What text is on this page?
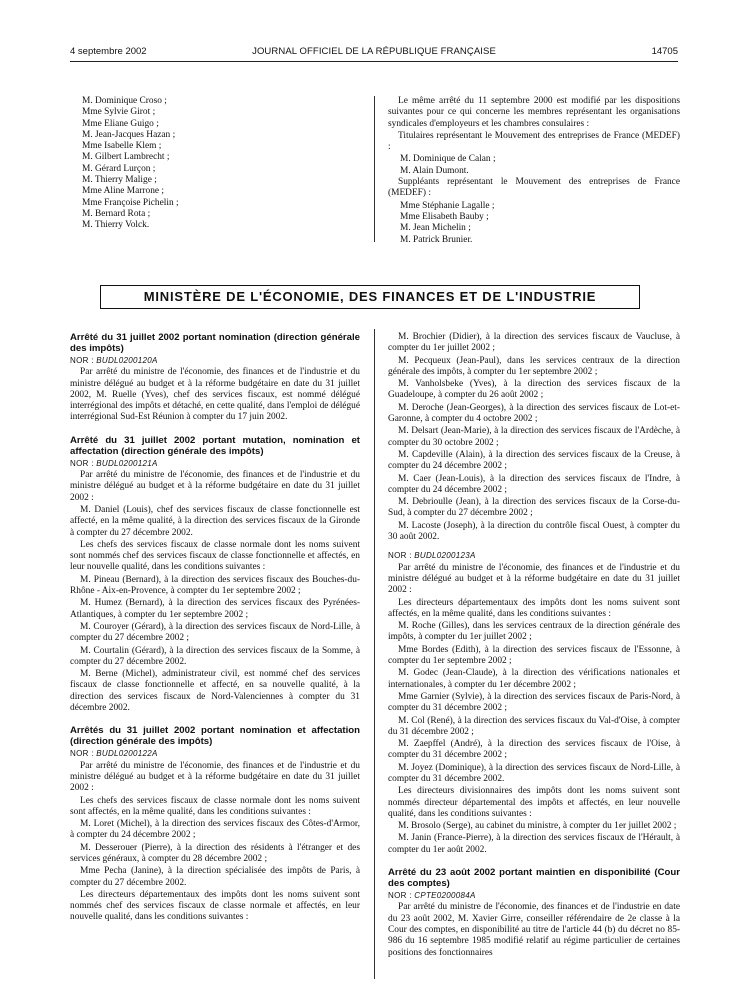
4 septembre 2002	JOURNAL OFFICIEL DE LA RÉPUBLIQUE FRANÇAISE	14705

M. Dominique Croso ;

Mme Sylvie Girot ;

Mme Eliane Guigo ;

M. Jean-Jacques Hazan ;

Mme Isabelle Klem ;

M. Gilbert Lambrecht ;

M. Gérard Lurçon ;

M. Thierry Malige ;

Mme Aline Marrone ;

Mme Françoise Pichelin ;

M. Bernard Rota ;

M. Thierry Volck.

Le même arrêté du 11 septembre 2000 est modifié par les dispositions suivantes pour ce qui concerne les membres représentant les organisations syndicales d'employeurs et les chambres consulaires :

Titulaires représentant le Mouvement des entreprises de France (MEDEF) :

M. Dominique de Calan ;

M. Alain Dumont.

Suppléants représentant le Mouvement des entreprises de France (MEDEF) :

Mme Stéphanie Lagalle ;

Mme Elisabeth Bauby ;

M. Jean Michelin ;

M. Patrick Brunier.

MINISTÈRE DE L'ÉCONOMIE, DES FINANCES ET DE L'INDUSTRIE

Arrêté du 31 juillet 2002 portant nomination (direction générale des impôts)

NOR : BUDL0200120A

Par arrêté du ministre de l'économie, des finances et de l'industrie et du ministre délégué au budget et à la réforme budgétaire en date du 31 juillet 2002, M. Ruelle (Yves), chef des services fiscaux, est nommé délégué interrégional des impôts et détaché, en cette qualité, dans l'emploi de délégué interrégional Sud-Est Réunion à compter du 17 juin 2002.

Arrêté du 31 juillet 2002 portant mutation, nomination et affectation (direction générale des impôts)

NOR : BUDL0200121A

Par arrêté du ministre de l'économie, des finances et de l'industrie et du ministre délégué au budget et à la réforme budgétaire en date du 31 juillet 2002 :

M. Daniel (Louis), chef des services fiscaux de classe fonctionnelle est affecté, en la même qualité, à la direction des services fiscaux de la Gironde à compter du 27 décembre 2002.

Les chefs des services fiscaux de classe normale dont les noms suivent sont nommés chef des services fiscaux de classe fonctionnelle et affectés, en leur nouvelle qualité, dans les conditions suivantes :

M. Pineau (Bernard), à la direction des services fiscaux des Bouches-du-Rhône - Aix-en-Provence, à compter du 1er septembre 2002 ;

M. Humez (Bernard), à la direction des services fiscaux des Pyrénées-Atlantiques, à compter du 1er septembre 2002 ;

M. Couroyer (Gérard), à la direction des services fiscaux de Nord-Lille, à compter du 27 décembre 2002 ;

M. Courtalin (Gérard), à la direction des services fiscaux de la Somme, à compter du 27 décembre 2002.

M. Berne (Michel), administrateur civil, est nommé chef des services fiscaux de classe fonctionnelle et affecté, en sa nouvelle qualité, à la direction des services fiscaux de Nord-Valenciennes à compter du 31 décembre 2002.

Arrêtés du 31 juillet 2002 portant nomination et affectation (direction générale des impôts)

NOR : BUDL0200122A

Par arrêté du ministre de l'économie, des finances et de l'industrie et du ministre délégué au budget et à la réforme budgétaire en date du 31 juillet 2002 :

Les chefs des services fiscaux de classe normale dont les noms suivent sont affectés, en la même qualité, dans les conditions suivantes :

M. Loret (Michel), à la direction des services fiscaux des Côtes-d'Armor, à compter du 24 décembre 2002 ;

M. Desserouer (Pierre), à la direction des résidents à l'étranger et des services généraux, à compter du 28 décembre 2002 ;

Mme Pecha (Janine), à la direction spécialisée des impôts de Paris, à compter du 27 décembre 2002.

Les directeurs départementaux des impôts dont les noms suivent sont nommés chef des services fiscaux de classe normale et affectés, en leur nouvelle qualité, dans les conditions suivantes :

M. Brochier (Didier), à la direction des services fiscaux de Vaucluse, à compter du 1er juillet 2002 ;

M. Pecqueux (Jean-Paul), dans les services centraux de la direction générale des impôts, à compter du 1er septembre 2002 ;

M. Vanholsbeke (Yves), à la direction des services fiscaux de la Guadeloupe, à compter du 26 août 2002 ;

M. Deroche (Jean-Georges), à la direction des services fiscaux de Lot-et-Garonne, à compter du 4 octobre 2002 ;

M. Delsart (Jean-Marie), à la direction des services fiscaux de l'Ardèche, à compter du 30 octobre 2002 ;

M. Capdeville (Alain), à la direction des services fiscaux de la Creuse, à compter du 24 décembre 2002 ;

M. Caer (Jean-Louis), à la direction des services fiscaux de l'Indre, à compter du 24 décembre 2002 ;

M. Debrioulle (Jean), à la direction des services fiscaux de la Corse-du-Sud, à compter du 27 décembre 2002 ;

M. Lacoste (Joseph), à la direction du contrôle fiscal Ouest, à compter du 30 août 2002.

NOR : BUDL0200123A

Par arrêté du ministre de l'économie, des finances et de l'industrie et du ministre délégué au budget et à la réforme budgétaire en date du 31 juillet 2002 :

Les directeurs départementaux des impôts dont les noms suivent sont affectés, en la même qualité, dans les conditions suivantes :

M. Roche (Gilles), dans les services centraux de la direction générale des impôts, à compter du 1er juillet 2002 ;

Mme Bordes (Edith), à la direction des services fiscaux de l'Essonne, à compter du 1er septembre 2002 ;

M. Godec (Jean-Claude), à la direction des vérifications nationales et internationales, à compter du 1er décembre 2002 ;

Mme Garnier (Sylvie), à la direction des services fiscaux de Paris-Nord, à compter du 31 décembre 2002 ;

M. Col (René), à la direction des services fiscaux du Val-d'Oise, à compter du 31 décembre 2002 ;

M. Zaepffel (André), à la direction des services fiscaux de l'Oise, à compter du 31 décembre 2002 ;

M. Joyez (Dominique), à la direction des services fiscaux de Nord-Lille, à compter du 31 décembre 2002.

Les directeurs divisionnaires des impôts dont les noms suivent sont nommés directeur départemental des impôts et affectés, en leur nouvelle qualité, dans les conditions suivantes :

M. Brosolo (Serge), au cabinet du ministre, à compter du 1er juillet 2002 ;

M. Janin (France-Pierre), à la direction des services fiscaux de l'Hérault, à compter du 1er août 2002.

Arrêté du 23 août 2002 portant maintien en disponibilité (Cour des comptes)

NOR : CPTE0200084A

Par arrêté du ministre de l'économie, des finances et de l'industrie en date du 23 août 2002, M. Xavier Girre, conseiller référendaire de 2e classe à la Cour des comptes, en disponibilité au titre de l'article 44 (b) du décret no 85-986 du 16 septembre 1985 modifié relatif au régime particulier de certaines positions des fonctionnaires
